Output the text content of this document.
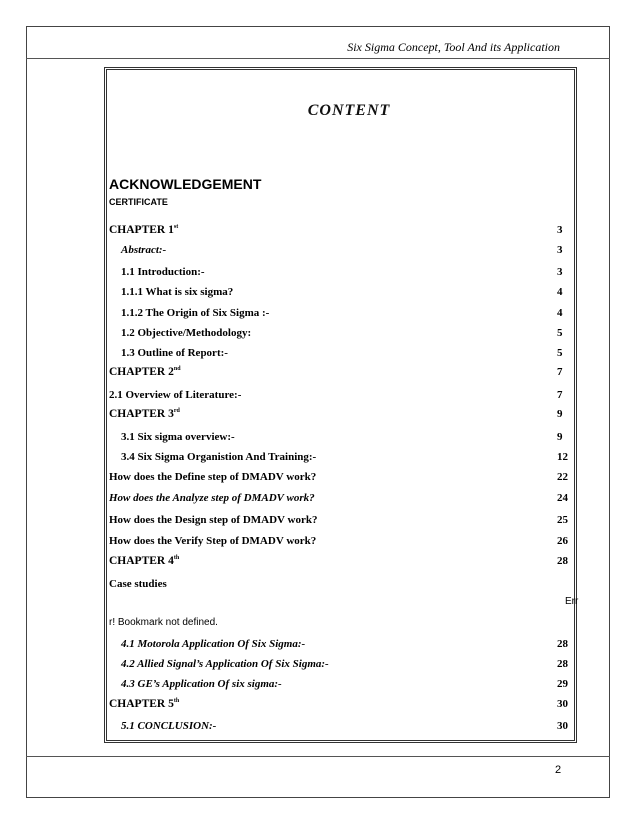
Six Sigma Concept, Tool And its Application
CONTENT
ACKNOWLEDGEMENT
CERTIFICATE
CHAPTER 1st	3
Abstract:-	3
1.1 Introduction:-	3
1.1.1 What is six sigma?	4
1.1.2 The Origin of Six Sigma :-	4
1.2 Objective/Methodology:	5
1.3 Outline of Report:-	5
CHAPTER 2nd	7
2.1 Overview of Literature:-	7
CHAPTER 3rd	9
3.1 Six sigma overview:-	9
3.4 Six Sigma Organistion And Training:-	12
How does the Define step of DMADV work?	22
How does the Analyze step of DMADV work?	24
How does the Design step of DMADV work?	25
How does the Verify Step of DMADV work?	26
CHAPTER 4th	28
Case studies
Err
r! Bookmark not defined.
4.1 Motorola Application Of Six Sigma:-	28
4.2 Allied Signal’s Application Of Six Sigma:-	28
4.3 GE’s Application Of six sigma:-	29
CHAPTER 5th	30
5.1 CONCLUSION:-	30
2
